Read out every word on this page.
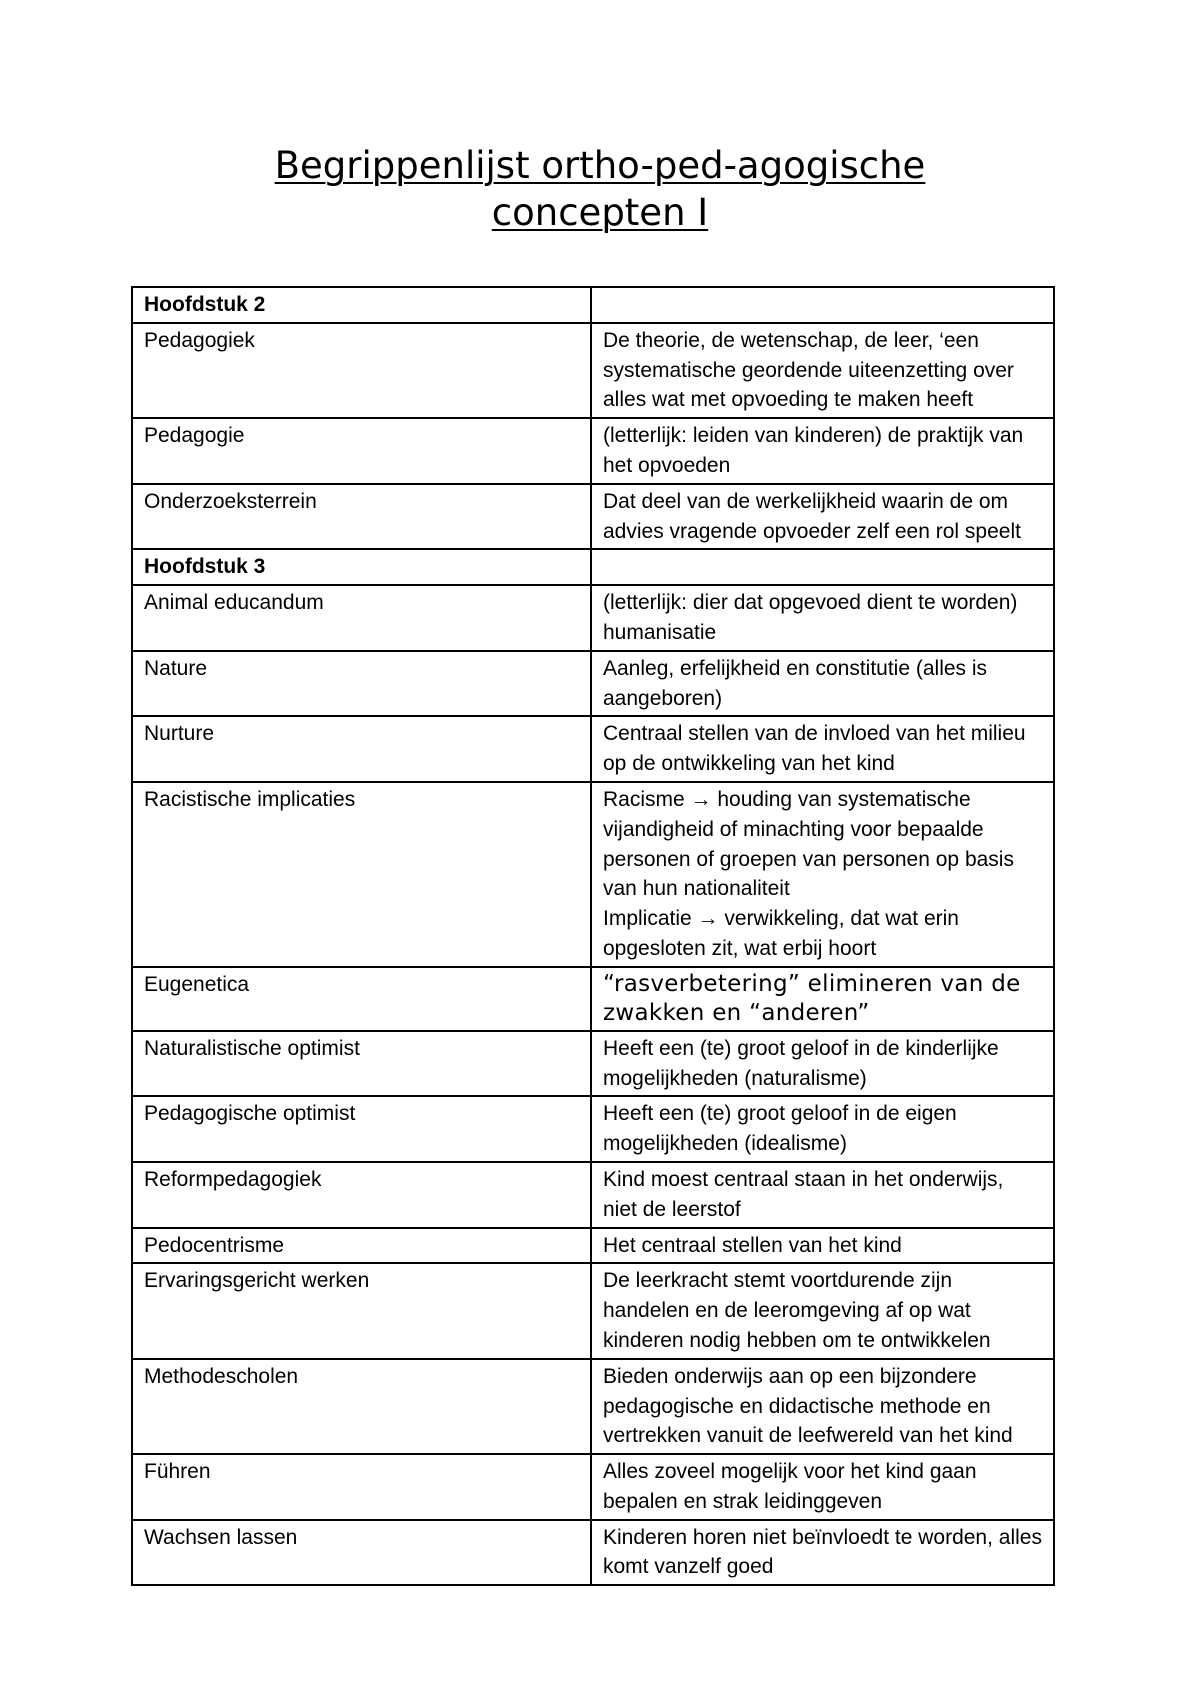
Begrippenlijst ortho-ped-agogische
concepten I
Hoofdstuk 2	
Pedagogiek	De theorie, de wetenschap, de leer, ‘een systematische geordende uiteenzetting over alles wat met opvoeding te maken heeft
Pedagogie	(letterlijk: leiden van kinderen) de praktijk van het opvoeden
Onderzoeksterrein	Dat deel van de werkelijkheid waarin de om advies vragende opvoeder zelf een rol speelt
Hoofdstuk 3	
Animal educandum	(letterlijk: dier dat opgevoed dient te worden) humanisatie
Nature	Aanleg, erfelijkheid en constitutie (alles is aangeboren)
Nurture	Centraal stellen van de invloed van het milieu op de ontwikkeling van het kind
Racistische implicaties	Racisme → houding van systematische vijandigheid of minachting voor bepaalde personen of groepen van personen op basis van hun nationaliteit
Implicatie → verwikkeling, dat wat erin opgesloten zit, wat erbij hoort

Eugenetica	“rasverbetering” elimineren van de zwakken en “anderen”
Naturalistische optimist	Heeft een (te) groot geloof in de kinderlijke mogelijkheden (naturalisme)
Pedagogische optimist	Heeft een (te) groot geloof in de eigen mogelijkheden (idealisme)
Reformpedagogiek	Kind moest centraal staan in het onderwijs, niet de leerstof
Pedocentrisme	Het centraal stellen van het kind
Ervaringsgericht werken	De leerkracht stemt voortdurende zijn handelen en de leeromgeving af op wat kinderen nodig hebben om te ontwikkelen
Methodescholen	Bieden onderwijs aan op een bijzondere pedagogische en didactische methode en vertrekken vanuit de leefwereld van het kind
Führen	Alles zoveel mogelijk voor het kind gaan bepalen en strak leidinggeven
Wachsen lassen	Kinderen horen niet beïnvloedt te worden, alles komt vanzelf goed
